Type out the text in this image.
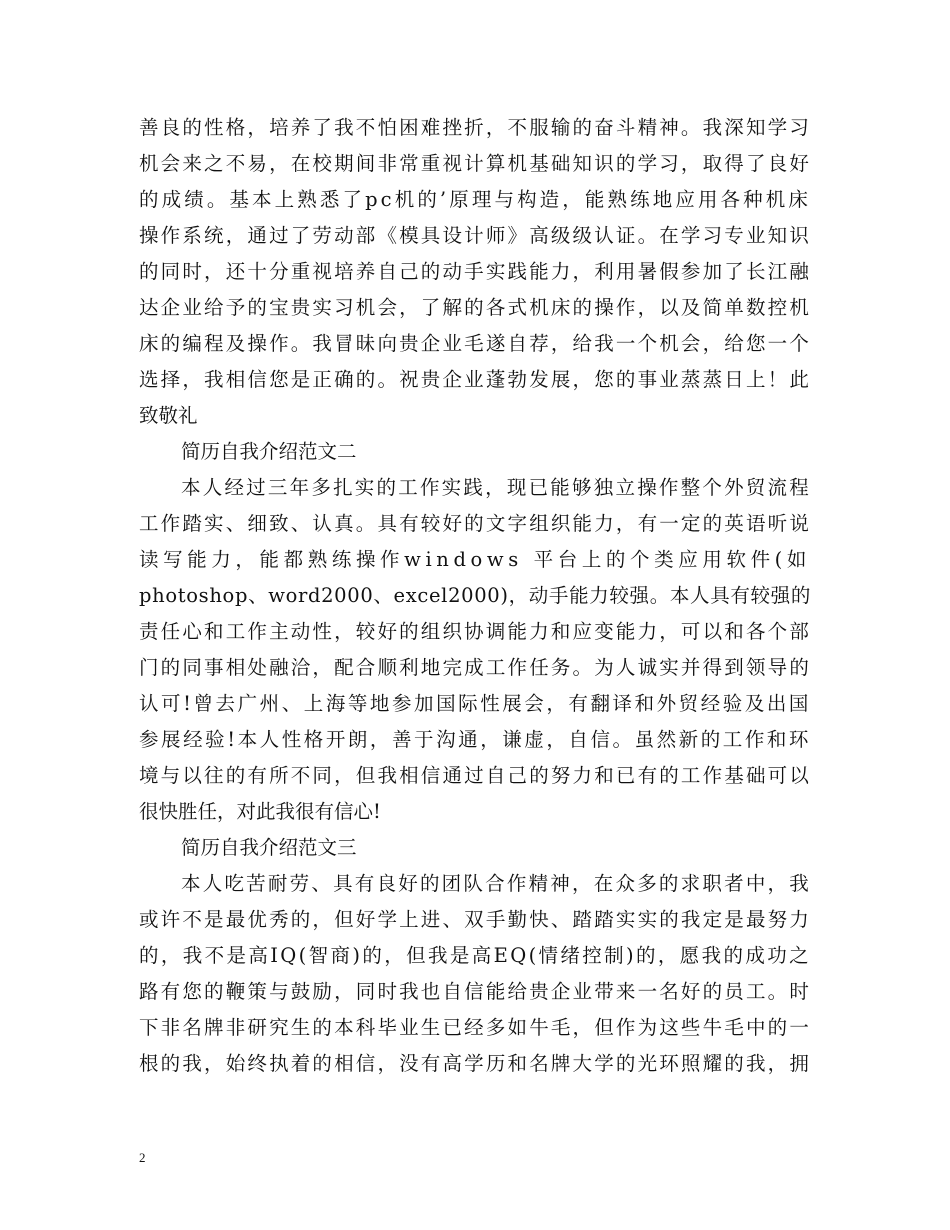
善良的性格，培养了我不怕困难挫折，不服输的奋斗精神。我深知学习
机会来之不易，在校期间非常重视计算机基础知识的学习，取得了良好
的成绩。基本上熟悉了pc机的’原理与构造，能熟练地应用各种机床
操作系统，通过了劳动部《模具设计师》高级级认证。在学习专业知识
的同时，还十分重视培养自己的动手实践能力，利用暑假参加了长江融
达企业给予的宝贵实习机会，了解的各式机床的操作，以及简单数控机
床的编程及操作。我冒昧向贵企业毛遂自荐，给我一个机会，给您一个
选择，我相信您是正确的。祝贵企业蓬勃发展，您的事业蒸蒸日上！此
致敬礼
简历自我介绍范文二
本人经过三年多扎实的工作实践，现已能够独立操作整个外贸流程
工作踏实、细致、认真。具有较好的文字组织能力，有一定的英语听说
读写能力，能都熟练操作windows 平台上的个类应用软件(如
photoshop、word2000、excel2000)，动手能力较强。本人具有较强的
责任心和工作主动性，较好的组织协调能力和应变能力，可以和各个部
门的同事相处融洽，配合顺利地完成工作任务。为人诚实并得到领导的
认可!曾去广州、上海等地参加国际性展会，有翻译和外贸经验及出国
参展经验!本人性格开朗，善于沟通，谦虚，自信。虽然新的工作和环
境与以往的有所不同，但我相信通过自己的努力和已有的工作基础可以
很快胜任，对此我很有信心!
简历自我介绍范文三
本人吃苦耐劳、具有良好的团队合作精神，在众多的求职者中，我
或许不是最优秀的，但好学上进、双手勤快、踏踏实实的我定是最努力
的，我不是高IQ(智商)的，但我是高EQ(情绪控制)的，愿我的成功之
路有您的鞭策与鼓励，同时我也自信能给贵企业带来一名好的员工。时
下非名牌非研究生的本科毕业生已经多如牛毛，但作为这些牛毛中的一
根的我，始终执着的相信，没有高学历和名牌大学的光环照耀的我，拥
2
